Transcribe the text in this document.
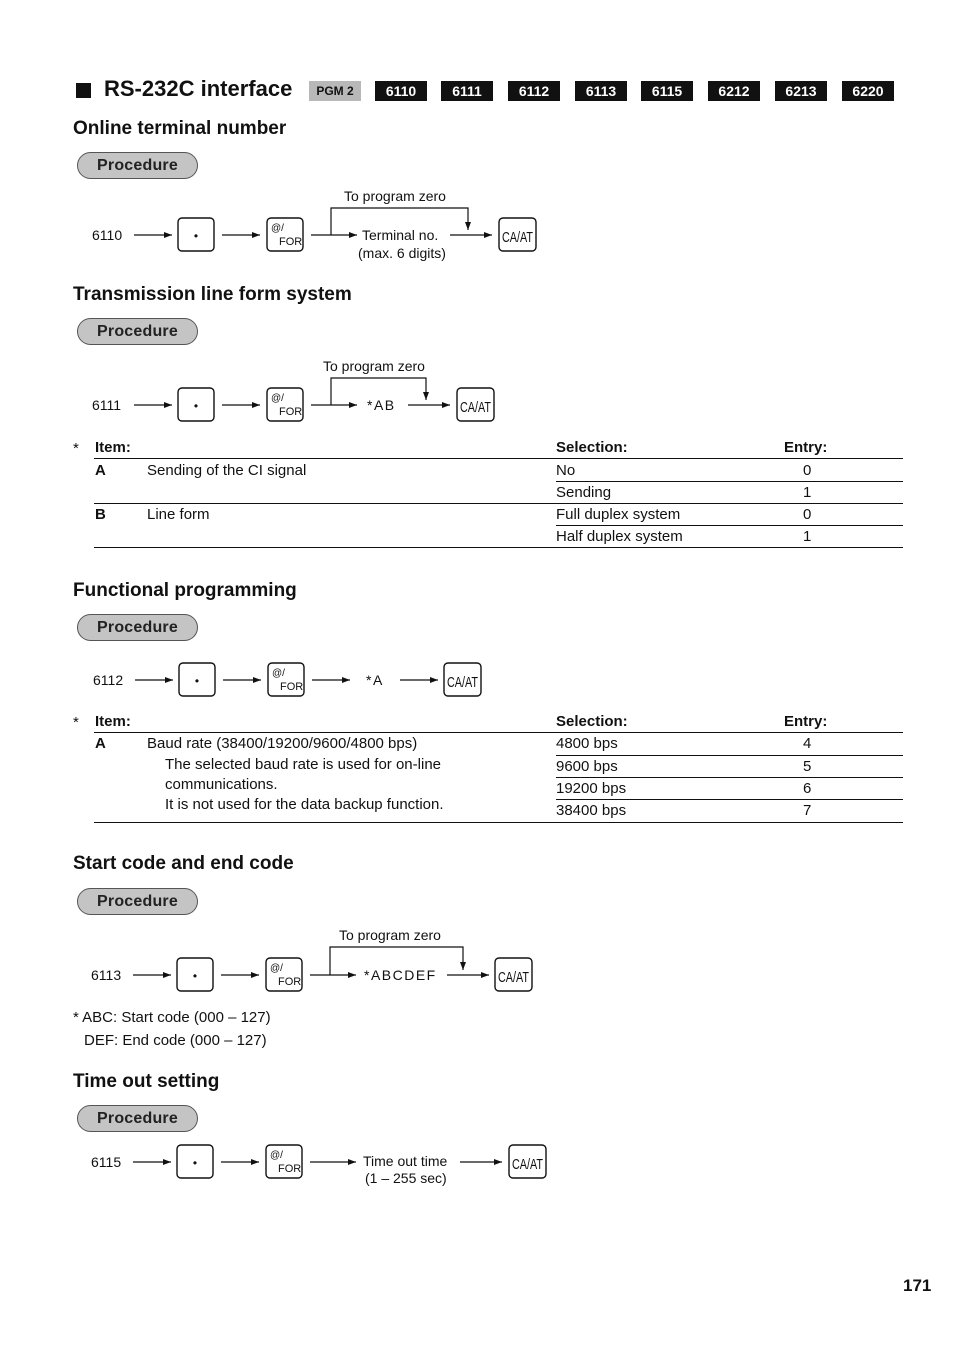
RS-232C interface	PGM 2	6110	6111	6112	6113	6115	6212	6213	6220
Online terminal number
Procedure
6110	•
@/
FOR
To program zero
Terminal no.
(max. 6 digits)
CA/AT
Transmission line form system
Procedure
6111	•
@/
FOR
To program zero
*AB	CA/AT
* Item:	Selection:	Entry:
A	Sending of the CI signal	No	0
Sending	1
B	Line form	Full duplex system	0
Half duplex system	1
Functional programming
Procedure
6112	•
@/
FOR	*A	CA/AT
* Item:	Selection:	Entry:
A	Baud rate (38400/19200/9600/4800 bps)
The selected baud rate is used for on-line
communications.
It is not used for the data backup function.
4800 bps	4
9600 bps	5
19200 bps	6
38400 bps	7
Start code and end code
Procedure
6113	•
@/
FOR
To program zero
*ABCDEF	CA/AT
* ABC: Start code (000 – 127)
DEF: End code (000 – 127)
Time out setting
Procedure
6115	•
@/
FOR	Time out time
(1 – 255 sec)
CA/AT
171
